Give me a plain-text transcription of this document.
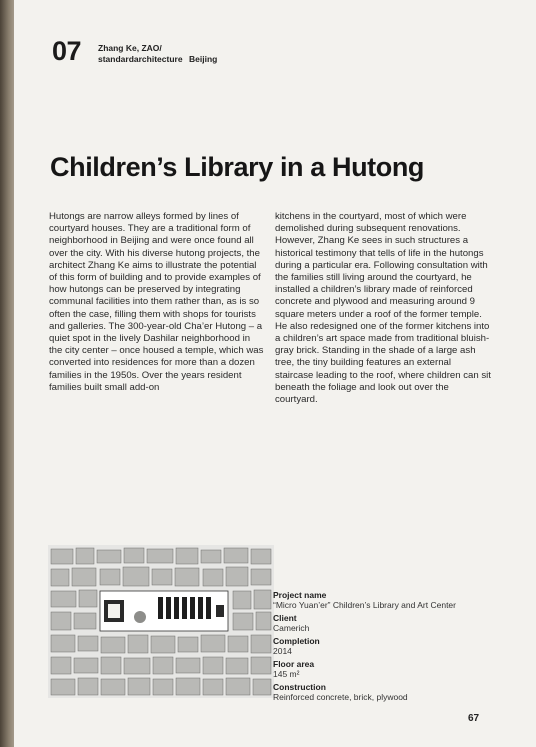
07 Zhang Ke, ZAO/
standardarchitecture Beijing
Children’s Library in a Hutong

Hutongs are narrow alleys formed by lines of courtyard houses. They are a traditional form of neighborhood in Beijing and were once found all over the city. With his diverse hutong projects, the architect Zhang Ke aims to illustrate the potential of this form of building and to provide examples of how hutongs can be preserved by integrating communal facilities into them rather than, as is so often the case, filling them with shops for tourists and galleries. The 300-year-old Cha’er Hutong – a quiet spot in the lively Dashilar neighborhood in the city center – once housed a temple, which was converted into residences for more than a dozen families in the 1950s. Over the years resident families built small add-on

kitchens in the courtyard, most of which were demolished during subsequent renovations. However, Zhang Ke sees in such structures a historical testimony that tells of life in the hutongs during a particular era. Following consultation with the families still living around the courtyard, he installed a children’s library made of reinforced concrete and plywood and measuring around 9 square meters under a roof of the former temple. He also redesigned one of the former kitchens into a children’s art space made from traditional bluish-gray brick. Standing in the shade of a large ash tree, the tiny building features an external staircase leading to the roof, where children can sit beneath the foliage and look out over the courtyard.

Project name
“Micro Yuan’er” Children’s Library and Art Center
Client
Camerich
Completion
2014
Floor area
145 m²
Construction
Reinforced concrete, brick, plywood
67
